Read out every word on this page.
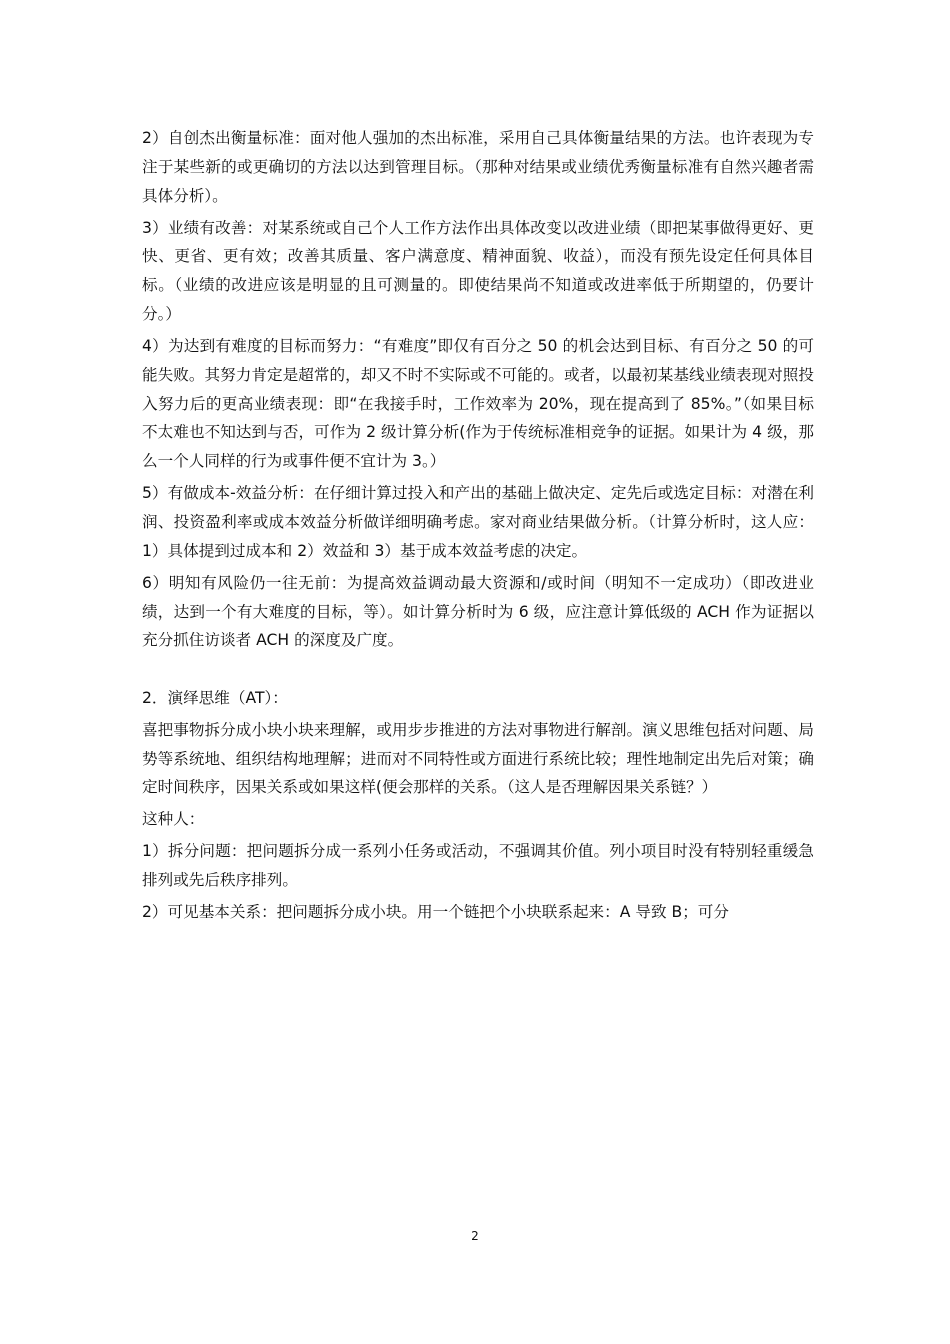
2）自创杰出衡量标准：面对他人强加的杰出标准，采用自己具体衡量结果的方法。也许表现为专注于某些新的或更确切的方法以达到管理目标。（那种对结果或业绩优秀衡量标准有自然兴趣者需具体分析）。

3）业绩有改善：对某系统或自己个人工作方法作出具体改变以改进业绩（即把某事做得更好、更快、更省、更有效；改善其质量、客户满意度、精神面貌、收益），而没有预先设定任何具体目标。（业绩的改进应该是明显的且可测量的。即使结果尚不知道或改进率低于所期望的，仍要计分。）

4）为达到有难度的目标而努力：“有难度”即仅有百分之 50 的机会达到目标、有百分之 50 的可能失败。其努力肯定是超常的，却又不时不实际或不可能的。或者，以最初某基线业绩表现对照投入努力后的更高业绩表现：即“在我接手时，工作效率为 20%，现在提高到了 85%。”（如果目标不太难也不知达到与否，可作为 2 级计算分析(作为于传统标准相竞争的证据。如果计为 4 级，那么一个人同样的行为或事件便不宜计为 3。）

5）有做成本-效益分析：在仔细计算过投入和产出的基础上做决定、定先后或选定目标：对潜在利润、投资盈利率或成本效益分析做详细明确考虑。家对商业结果做分析。（计算分析时，这人应：1）具体提到过成本和 2）效益和 3）基于成本效益考虑的决定。

6）明知有风险仍一往无前：为提高效益调动最大资源和/或时间（明知不一定成功）（即改进业绩，达到一个有大难度的目标，等）。如计算分析时为 6 级，应注意计算低级的 ACH 作为证据以充分抓住访谈者 ACH 的深度及广度。

2．演绎思维（AT）：

喜把事物拆分成小块小块来理解，或用步步推进的方法对事物进行解剖。演义思维包括对问题、局势等系统地、组织结构地理解；进而对不同特性或方面进行系统比较；理性地制定出先后对策；确定时间秩序，因果关系或如果这样(便会那样的关系。（这人是否理解因果关系链？）

这种人：

1）拆分问题：把问题拆分成一系列小任务或活动，不强调其价值。列小项目时没有特别轻重缓急排列或先后秩序排列。

2）可见基本关系：把问题拆分成小块。用一个链把个小块联系起来：A 导致 B；可分

2
